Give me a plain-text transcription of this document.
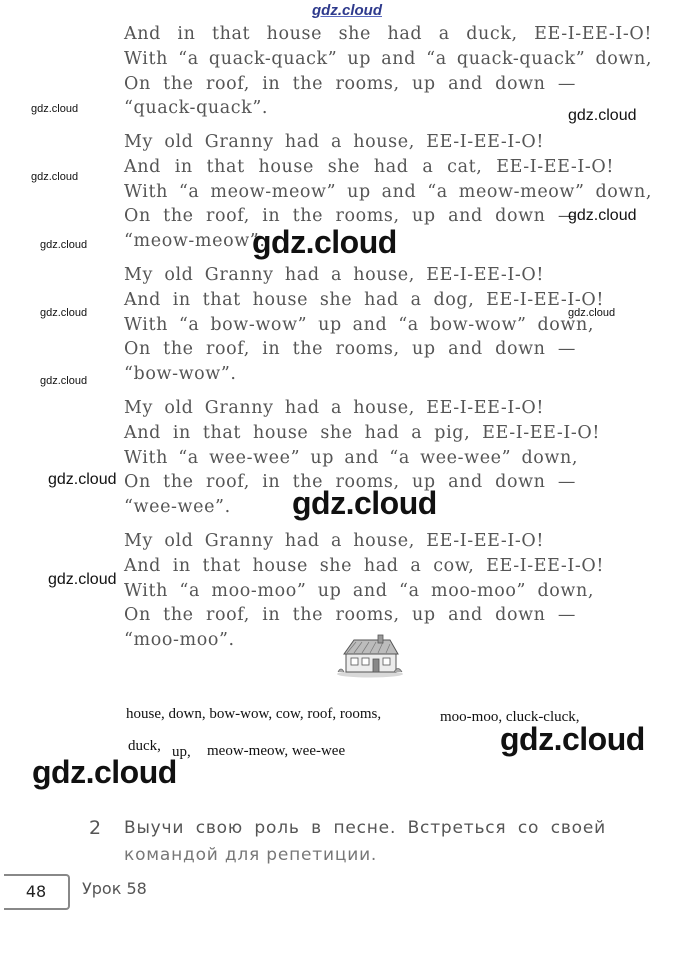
gdz.cloud
And in that house she had a duck, EE-I-EE-I-O!
With “a quack-quack” up and “a quack-quack” down,
On the roof, in the rooms, up and down —
“quack-quack”.
My old Granny had a house, EE-I-EE-I-O!
And in that house she had a cat, EE-I-EE-I-O!
With “a meow-meow” up and “a meow-meow” down,
On the roof, in the rooms, up and down —
“meow-meow”.
My old Granny had a house, EE-I-EE-I-O!
And in that house she had a dog, EE-I-EE-I-O!
With “a bow-wow” up and “a bow-wow” down,
On the roof, in the rooms, up and down —
“bow-wow”.
My old Granny had a house, EE-I-EE-I-O!
And in that house she had a pig, EE-I-EE-I-O!
With “a wee-wee” up and “a wee-wee” down,
On the roof, in the rooms, up and down —
“wee-wee”.
My old Granny had a house, EE-I-EE-I-O!
And in that house she had a cow, EE-I-EE-I-O!
With “a moo-moo” up and “a moo-moo” down,
On the roof, in the rooms, up and down —
“moo-moo”.
house, down, bow-wow, cow, roof, rooms,	moo-moo, cluck-cluck,
duck, up, meow-meow, wee-wee
2	Выучи свою роль в песне. Встреться со своей
командой для репетиции.
48	Урок 58
gdz.cloud	gdz.cloud
gdz.cloud
gdz.cloud
gdz.cloud	gdz.cloud
gdz.cloud	gdz.cloud
gdz.cloud
gdz.cloud
gdz.cloud
gdz.cloud
gdz.cloud
gdz.cloud
